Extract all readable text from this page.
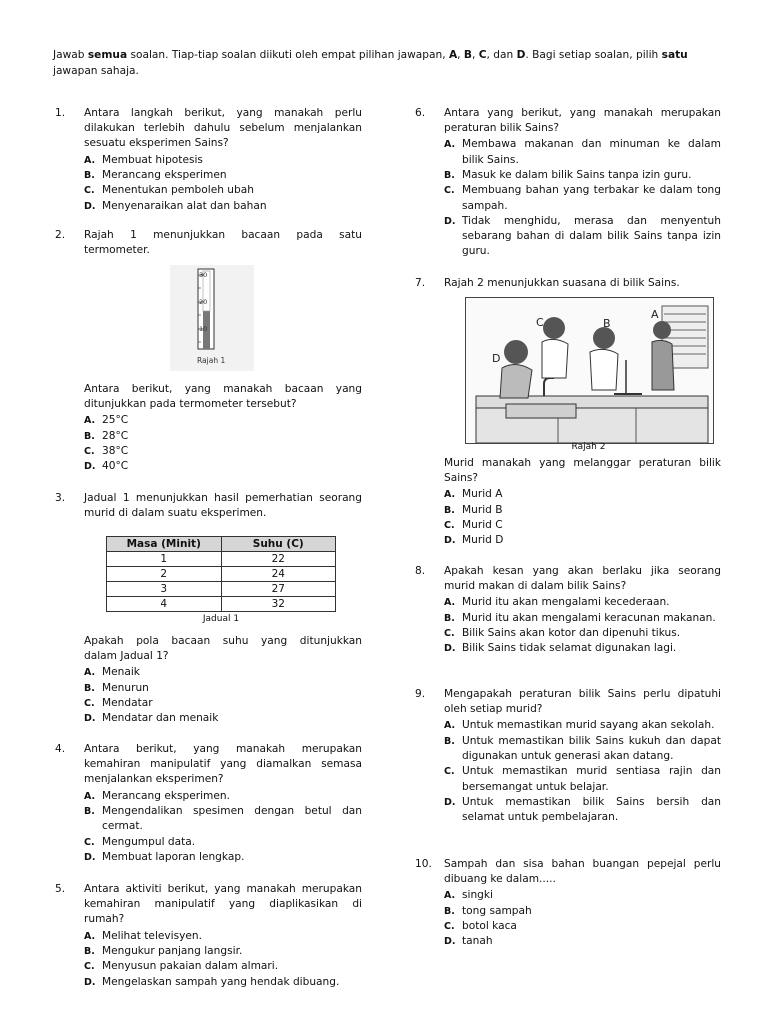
Jawab semua soalan. Tiap-tiap soalan diikuti oleh empat pilihan jawapan, A, B, C, dan D. Bagi setiap soalan, pilih satu jawapan sahaja.
1. Antara langkah berikut, yang manakah perlu
dilakukan terlebih dahulu sebelum menjalankan
sesuatu eksperimen Sains?
A. Membuat hipotesis
B. Merancang eksperimen
C. Menentukan pemboleh ubah
D. Menyenaraikan alat dan bahan
2. Rajah 1 menunjukkan bacaan pada satu
termometer.
30
20
10
Rajah 1
Antara berikut, yang manakah bacaan yang
ditunjukkan pada termometer tersebut?
A. 25°C
B. 28°C
C. 38°C
D. 40°C
3. Jadual 1 menunjukkan hasil pemerhatian seorang
murid di dalam suatu eksperimen.
Masa (Minit)	Suhu (C)
1	22
2	24
3	27
4	32
Jadual 1
Apakah pola bacaan suhu yang ditunjukkan
dalam Jadual 1?
A. Menaik
B. Menurun
C. Mendatar
D. Mendatar dan menaik
4. Antara berikut, yang manakah merupakan
kemahiran manipulatif yang diamalkan semasa
menjalankan eksperimen?
A. Merancang eksperimen.
B. Mengendalikan spesimen dengan betul dan cermat.
C. Mengumpul data.
D. Membuat laporan lengkap.
5. Antara aktiviti berikut, yang manakah merupakan
kemahiran manipulatif yang diaplikasikan di
rumah?
A. Melihat televisyen.
B. Mengukur panjang langsir.
C. Menyusun pakaian dalam almari.
D. Mengelaskan sampah yang hendak dibuang.
6. Antara yang berikut, yang manakah merupakan
peraturan bilik Sains?
A. Membawa makanan dan minuman ke dalam bilik Sains.
B. Masuk ke dalam bilik Sains tanpa izin guru.
C. Membuang bahan yang terbakar ke dalam tong sampah.
D. Tidak menghidu, merasa dan menyentuh sebarang bahan di dalam bilik Sains tanpa izin guru.
7. Rajah 2 menunjukkan suasana di bilik Sains.
A
B
C
D
Rajah 2
Murid manakah yang melanggar peraturan bilik
Sains?
A. Murid A
B. Murid B
C. Murid C
D. Murid D
8. Apakah kesan yang akan berlaku jika seorang
murid makan di dalam bilik Sains?
A. Murid itu akan mengalami kecederaan.
B. Murid itu akan mengalami keracunan makanan.
C. Bilik Sains akan kotor dan dipenuhi tikus.
D. Bilik Sains tidak selamat digunakan lagi.
9. Mengapakah peraturan bilik Sains perlu dipatuhi
oleh setiap murid?
A. Untuk memastikan murid sayang akan sekolah.
B. Untuk memastikan bilik Sains kukuh dan dapat digunakan untuk generasi akan datang.
C. Untuk memastikan murid sentiasa rajin dan bersemangat untuk belajar.
D. Untuk memastikan bilik Sains bersih dan selamat untuk pembelajaran.
10. Sampah dan sisa bahan buangan pepejal perlu
dibuang ke dalam.....
A. singki
B. tong sampah
C. botol kaca
D. tanah
